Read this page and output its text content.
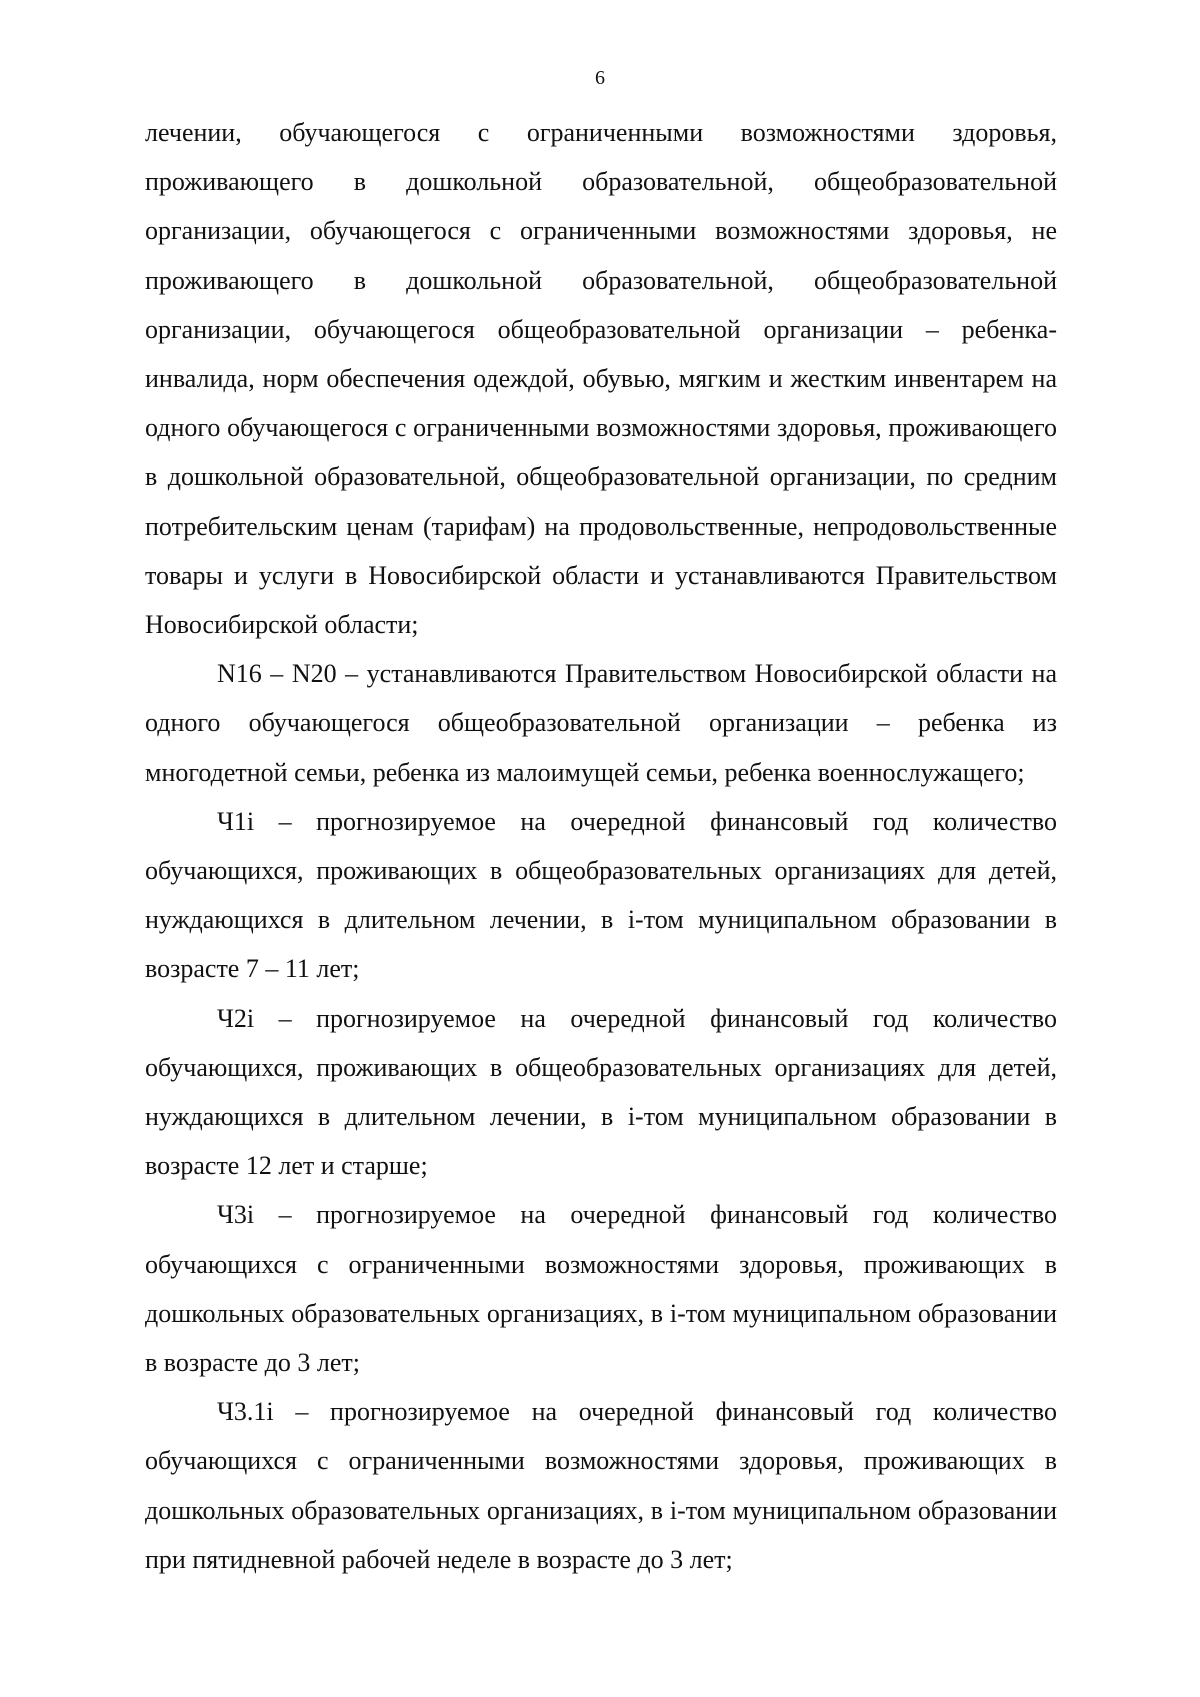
6

лечении, обучающегося с ограниченными возможностями здоровья, проживающего в дошкольной образовательной, общеобразовательной организации, обучающегося с ограниченными возможностями здоровья, не проживающего в дошкольной образовательной, общеобразовательной организации, обучающегося общеобразовательной организации – ребенка-инвалида, норм обеспечения одеждой, обувью, мягким и жестким инвентарем на одного обучающегося с ограниченными возможностями здоровья, проживающего в дошкольной образовательной, общеобразовательной организации, по средним потребительским ценам (тарифам) на продовольственные, непродовольственные товары и услуги в Новосибирской области и устанавливаются Правительством Новосибирской области;

N16 – N20 – устанавливаются Правительством Новосибирской области на одного обучающегося общеобразовательной организации – ребенка из многодетной семьи, ребенка из малоимущей семьи, ребенка военнослужащего;

Ч1i – прогнозируемое на очередной финансовый год количество обучающихся, проживающих в общеобразовательных организациях для детей, нуждающихся в длительном лечении, в i-том муниципальном образовании в возрасте 7 – 11 лет;

Ч2i – прогнозируемое на очередной финансовый год количество обучающихся, проживающих в общеобразовательных организациях для детей, нуждающихся в длительном лечении, в i-том муниципальном образовании в возрасте 12 лет и старше;

Ч3i – прогнозируемое на очередной финансовый год количество обучающихся с ограниченными возможностями здоровья, проживающих в дошкольных образовательных организациях, в i-том муниципальном образовании в возрасте до 3 лет;

Ч3.1i – прогнозируемое на очередной финансовый год количество обучающихся с ограниченными возможностями здоровья, проживающих в дошкольных образовательных организациях, в i-том муниципальном образовании при пятидневной рабочей неделе в возрасте до 3 лет;
